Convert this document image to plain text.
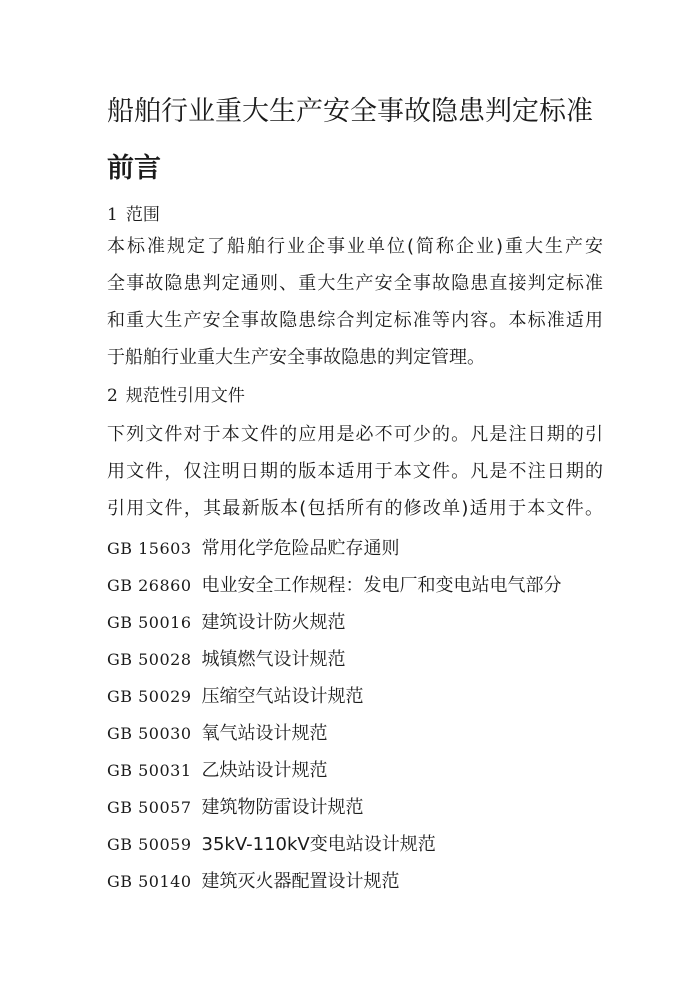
船舶行业重大生产安全事故隐患判定标准
前言
1 范围

本标准规定了船舶行业企事业单位(简称企业)重大生产安
全事故隐患判定通则、重大生产安全事故隐患直接判定标准
和重大生产安全事故隐患综合判定标准等内容。本标准适用
于船舶行业重大生产安全事故隐患的判定管理。

2 规范性引用文件

下列文件对于本文件的应用是必不可少的。凡是注日期的引
用文件，仅注明日期的版本适用于本文件。凡是不注日期的
引用文件，其最新版本(包括所有的修改单)适用于本文件。

GB 15603 常用化学危险品贮存通则
GB 26860 电业安全工作规程：发电厂和变电站电气部分
GB 50016 建筑设计防火规范
GB 50028 城镇燃气设计规范
GB 50029 压缩空气站设计规范
GB 50030 氧气站设计规范
GB 50031 乙炔站设计规范
GB 50057 建筑物防雷设计规范
GB 50059 35kV-110kV变电站设计规范
GB 50140 建筑灭火器配置设计规范
